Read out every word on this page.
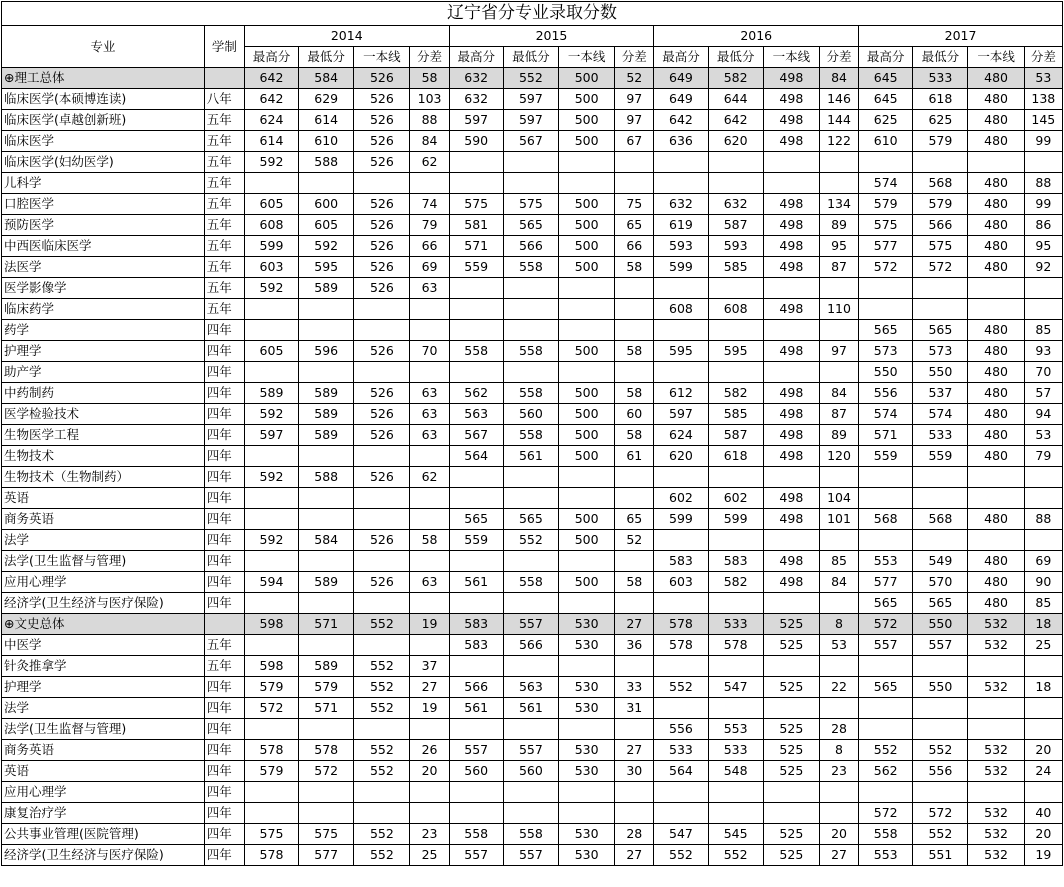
辽宁省分专业录取分数																	
专业	学制	2014				2015				2016				2017			
		最高分	最低分	一本线	分差	最高分	最低分	一本线	分差	最高分	最低分	一本线	分差	最高分	最低分	一本线	分差
⊕理工总体		642	584	526	58	632	552	500	52	649	582	498	84	645	533	480	53
临床医学(本硕博连读)	八年	642	629	526	103	632	597	500	97	649	644	498	146	645	618	480	138
临床医学(卓越创新班)	五年	624	614	526	88	597	597	500	97	642	642	498	144	625	625	480	145
临床医学	五年	614	610	526	84	590	567	500	67	636	620	498	122	610	579	480	99
临床医学(妇幼医学)	五年	592	588	526	62												
儿科学	五年													574	568	480	88
口腔医学	五年	605	600	526	74	575	575	500	75	632	632	498	134	579	579	480	99
预防医学	五年	608	605	526	79	581	565	500	65	619	587	498	89	575	566	480	86
中西医临床医学	五年	599	592	526	66	571	566	500	66	593	593	498	95	577	575	480	95
法医学	五年	603	595	526	69	559	558	500	58	599	585	498	87	572	572	480	92
医学影像学	五年	592	589	526	63												
临床药学	五年									608	608	498	110				
药学	四年													565	565	480	85
护理学	四年	605	596	526	70	558	558	500	58	595	595	498	97	573	573	480	93
助产学	四年													550	550	480	70
中药制药	四年	589	589	526	63	562	558	500	58	612	582	498	84	556	537	480	57
医学检验技术	四年	592	589	526	63	563	560	500	60	597	585	498	87	574	574	480	94
生物医学工程	四年	597	589	526	63	567	558	500	58	624	587	498	89	571	533	480	53
生物技术	四年					564	561	500	61	620	618	498	120	559	559	480	79
生物技术（生物制药）	四年	592	588	526	62												
英语	四年									602	602	498	104				
商务英语	四年					565	565	500	65	599	599	498	101	568	568	480	88
法学	四年	592	584	526	58	559	552	500	52								
法学(卫生监督与管理)	四年									583	583	498	85	553	549	480	69
应用心理学	四年	594	589	526	63	561	558	500	58	603	582	498	84	577	570	480	90
经济学(卫生经济与医疗保险)	四年													565	565	480	85
⊕文史总体		598	571	552	19	583	557	530	27	578	533	525	8	572	550	532	18
中医学	五年					583	566	530	36	578	578	525	53	557	557	532	25
针灸推拿学	五年	598	589	552	37												
护理学	四年	579	579	552	27	566	563	530	33	552	547	525	22	565	550	532	18
法学	四年	572	571	552	19	561	561	530	31								
法学(卫生监督与管理)	四年									556	553	525	28				
商务英语	四年	578	578	552	26	557	557	530	27	533	533	525	8	552	552	532	20
英语	四年	579	572	552	20	560	560	530	30	564	548	525	23	562	556	532	24
应用心理学	四年																
康复治疗学	四年													572	572	532	40
公共事业管理(医院管理)	四年	575	575	552	23	558	558	530	28	547	545	525	20	558	552	532	20
经济学(卫生经济与医疗保险)	四年	578	577	552	25	557	557	530	27	552	552	525	27	553	551	532	19
